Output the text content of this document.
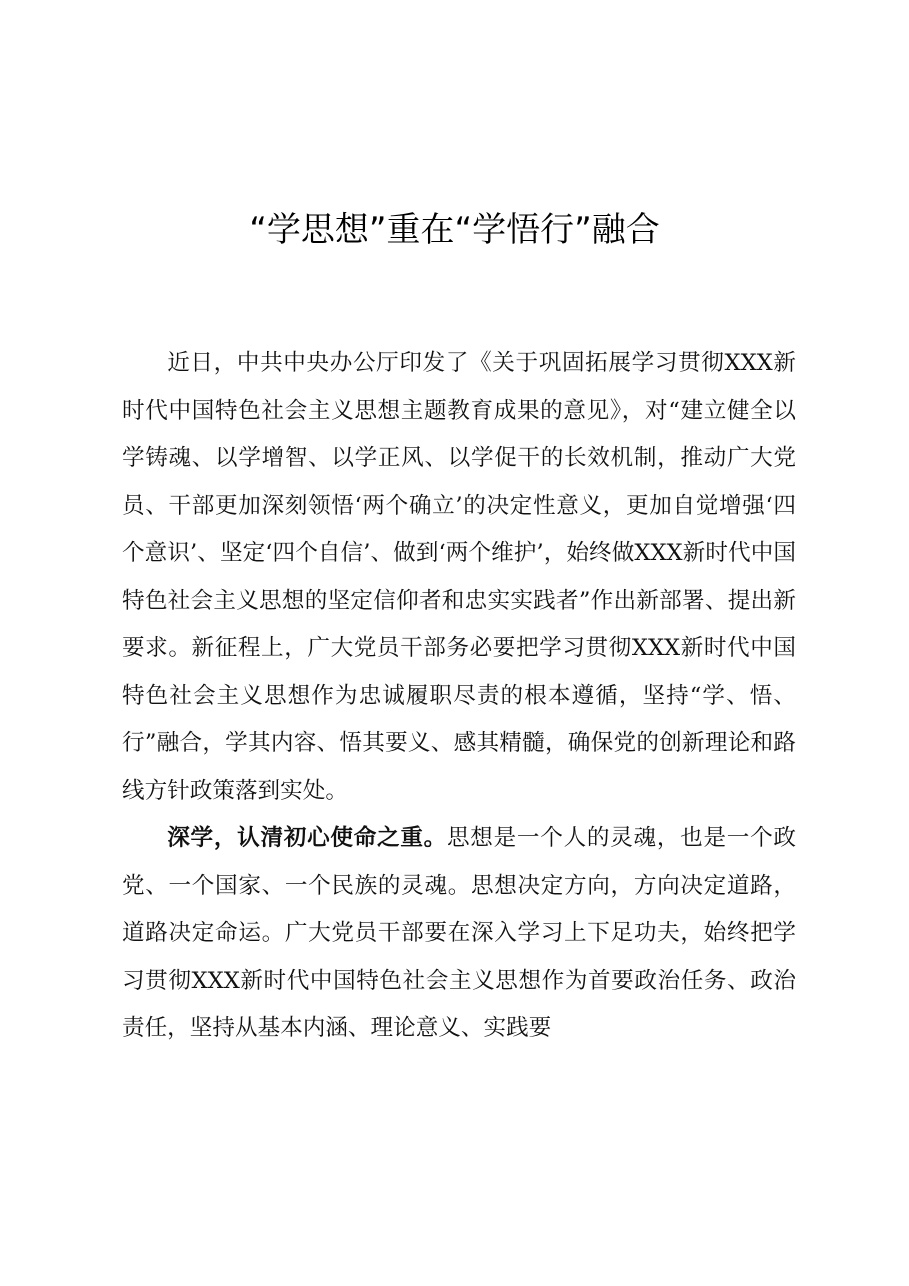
“学思想”重在“学悟行”融合

近日，中共中央办公厅印发了《关于巩固拓展学习贯彻XXX新时代中国特色社会主义思想主题教育成果的意见》，对“建立健全以学铸魂、以学增智、以学正风、以学促干的长效机制，推动广大党员、干部更加深刻领悟‘两个确立’的决定性意义，更加自觉增强‘四个意识’、坚定‘四个自信’、做到‘两个维护’，始终做XXX新时代中国特色社会主义思想的坚定信仰者和忠实实践者”作出新部署、提出新要求。新征程上，广大党员干部务必要把学习贯彻XXX新时代中国特色社会主义思想作为忠诚履职尽责的根本遵循，坚持“学、悟、行”融合，学其内容、悟其要义、感其精髓，确保党的创新理论和路线方针政策落到实处。

深学，认清初心使命之重。思想是一个人的灵魂，也是一个政党、一个国家、一个民族的灵魂。思想决定方向，方向决定道路，道路决定命运。广大党员干部要在深入学习上下足功夫，始终把学习贯彻XXX新时代中国特色社会主义思想作为首要政治任务、政治责任，坚持从基本内涵、理论意义、实践要
